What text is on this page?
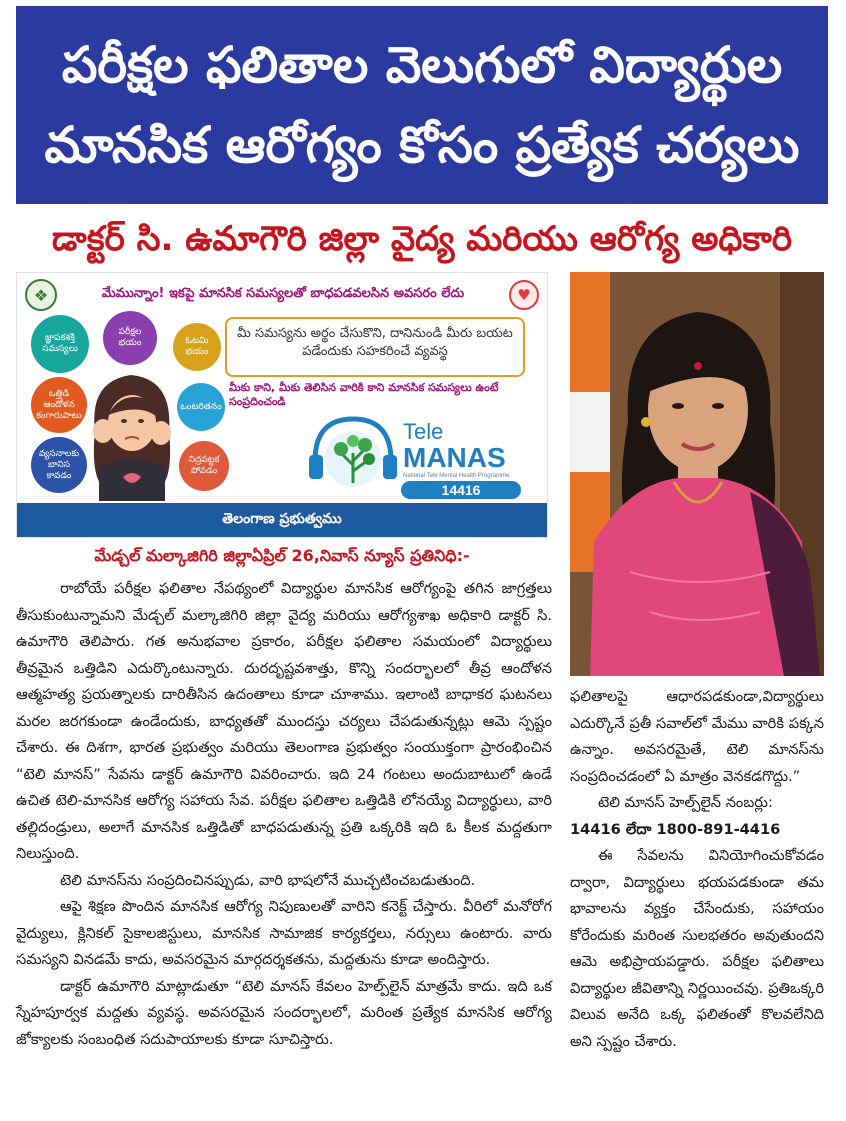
పరీక్షల ఫలితాల వెలుగులో విద్యార్థుల
మానసిక ఆరోగ్యం కోసం ప్రత్యేక చర్యలు
డాక్టర్ సి. ఉమాగౌరి జిల్లా వైద్య మరియు ఆరోగ్య అధికారి
❖	మేమున్నాం! ఇకపై మానసిక సమస్యలతో బాధపడవలసిన అవసరం లేదు	♥
జ్ఞాపకశక్తి సమస్యలు
పరీక్షల భయం	ఓటమి భయం
ఒత్తిడి ఆందోళన కంగారుపాటు
ఒంటరితనం
వ్యసనాలకు బానిస కావడం
నిద్రపట్టక పోవడం
మీ సమస్యను అర్థం చేసుకొని, దానినుండి మీరు బయట పడేందుకు సహకరించే వ్యవస్థ
మీకు కాని, మీకు తెలిసిన వారికి కాని మానసిక సమస్యలు ఉంటే సంప్రదించండి
Tele
MANAS
National Tele Mental Health Programme
14416
తెలంగాణ ప్రభుత్వము
మేడ్చల్ మల్కాజిగిరి జిల్లాఏప్రిల్ 26,నివాస్ న్యూస్ ప్రతినిధి:-

రాబోయే పరీక్షల ఫలితాల నేపథ్యంలో విద్యార్థుల మానసిక ఆరోగ్యంపై తగిన జాగ్రత్తలు తీసుకుంటున్నామని మేడ్చల్ మల్కాజిగిరి జిల్లా వైద్య మరియు ఆరోగ్యశాఖ అధికారి డాక్టర్ సి. ఉమాగౌరి తెలిపారు. గత అనుభవాల ప్రకారం, పరీక్షల ఫలితాల సమయంలో విద్యార్థులు తీవ్రమైన ఒత్తిడిని ఎదుర్కొంటున్నారు. దురదృష్టవశాత్తు, కొన్ని సందర్భాలలో తీవ్ర ఆందోళన ఆత్మహత్య ప్రయత్నాలకు దారితీసిన ఉదంతాలు కూడా చూశాము. ఇలాంటి బాధాకర ఘటనలు మరల జరగకుండా ఉండేందుకు, బాధ్యతతో ముందస్తు చర్యలు చేపడుతున్నట్లు ఆమె స్పష్టం చేశారు. ఈ దిశగా, భారత ప్రభుత్వం మరియు తెలంగాణ ప్రభుత్వం సంయుక్తంగా ప్రారంభించిన “టెలి మానస్” సేవను డాక్టర్ ఉమాగౌరి వివరించారు. ఇది 24 గంటలు అందుబాటులో ఉండే ఉచిత టెలి-మానసిక ఆరోగ్య సహాయ సేవ. పరీక్షల ఫలితాల ఒత్తిడికి లోనయ్యే విద్యార్థులు, వారి తల్లిదండ్రులు, అలాగే మానసిక ఒత్తిడితో బాధపడుతున్న ప్రతి ఒక్కరికి ఇది ఓ కీలక మద్దతుగా నిలుస్తుంది.

టెలి మానస్‌ను సంప్రదించినప్పుడు, వారి భాషలోనే ముచ్చటించబడుతుంది.

ఆపై శిక్షణ పొందిన మానసిక ఆరోగ్య నిపుణులతో వారిని కనెక్ట్ చేస్తారు. వీరిలో మనోరోగ వైద్యులు, క్లినికల్ సైకాలజిస్టులు, మానసిక సామాజిక కార్యకర్తలు, నర్సులు ఉంటారు. వారు సమస్యని వినడమే కాదు, అవసరమైన మార్గదర్శకతను, మద్దతును కూడా అందిస్తారు.

డాక్టర్ ఉమాగౌరి మాట్లాడుతూ “టెలి మానస్ కేవలం హెల్ప్‌లైన్ మాత్రమే కాదు. ఇది ఒక స్నేహపూర్వక మద్దతు వ్యవస్థ. అవసరమైన సందర్భాలలో, మరింత ప్రత్యేక మానసిక ఆరోగ్య జోక్యాలకు సంబంధిత సదుపాయాలకు కూడా సూచిస్తారు.

ఫలితాలపై ఆధారపడకుండా,విద్యార్థులు ఎదుర్కొనే ప్రతీ సవాల్‌లో మేము వారికి పక్కన ఉన్నాం. అవసరమైతే, టెలి మానస్‌ను సంప్రదించడంలో ఏ మాత్రం వెనకడగొద్దు.”

టెలి మానస్ హెల్ప్‌లైన్ నంబర్లు:

14416 లేదా 1800-891-4416

ఈ సేవలను వినియోగించుకోవడం ద్వారా, విద్యార్థులు భయపడకుండా తమ భావాలను వ్యక్తం చేసేందుకు, సహాయం కోరేందుకు మరింత సులభతరం అవుతుందని ఆమె అభిప్రాయపడ్డారు. పరీక్షల ఫలితాలు విద్యార్థుల జీవితాన్ని నిర్ణయించవు. ప్రతిఒక్కరి విలువ అనేది ఒక్క ఫలితంతో కొలవలేనిది అని స్పష్టం చేశారు.
